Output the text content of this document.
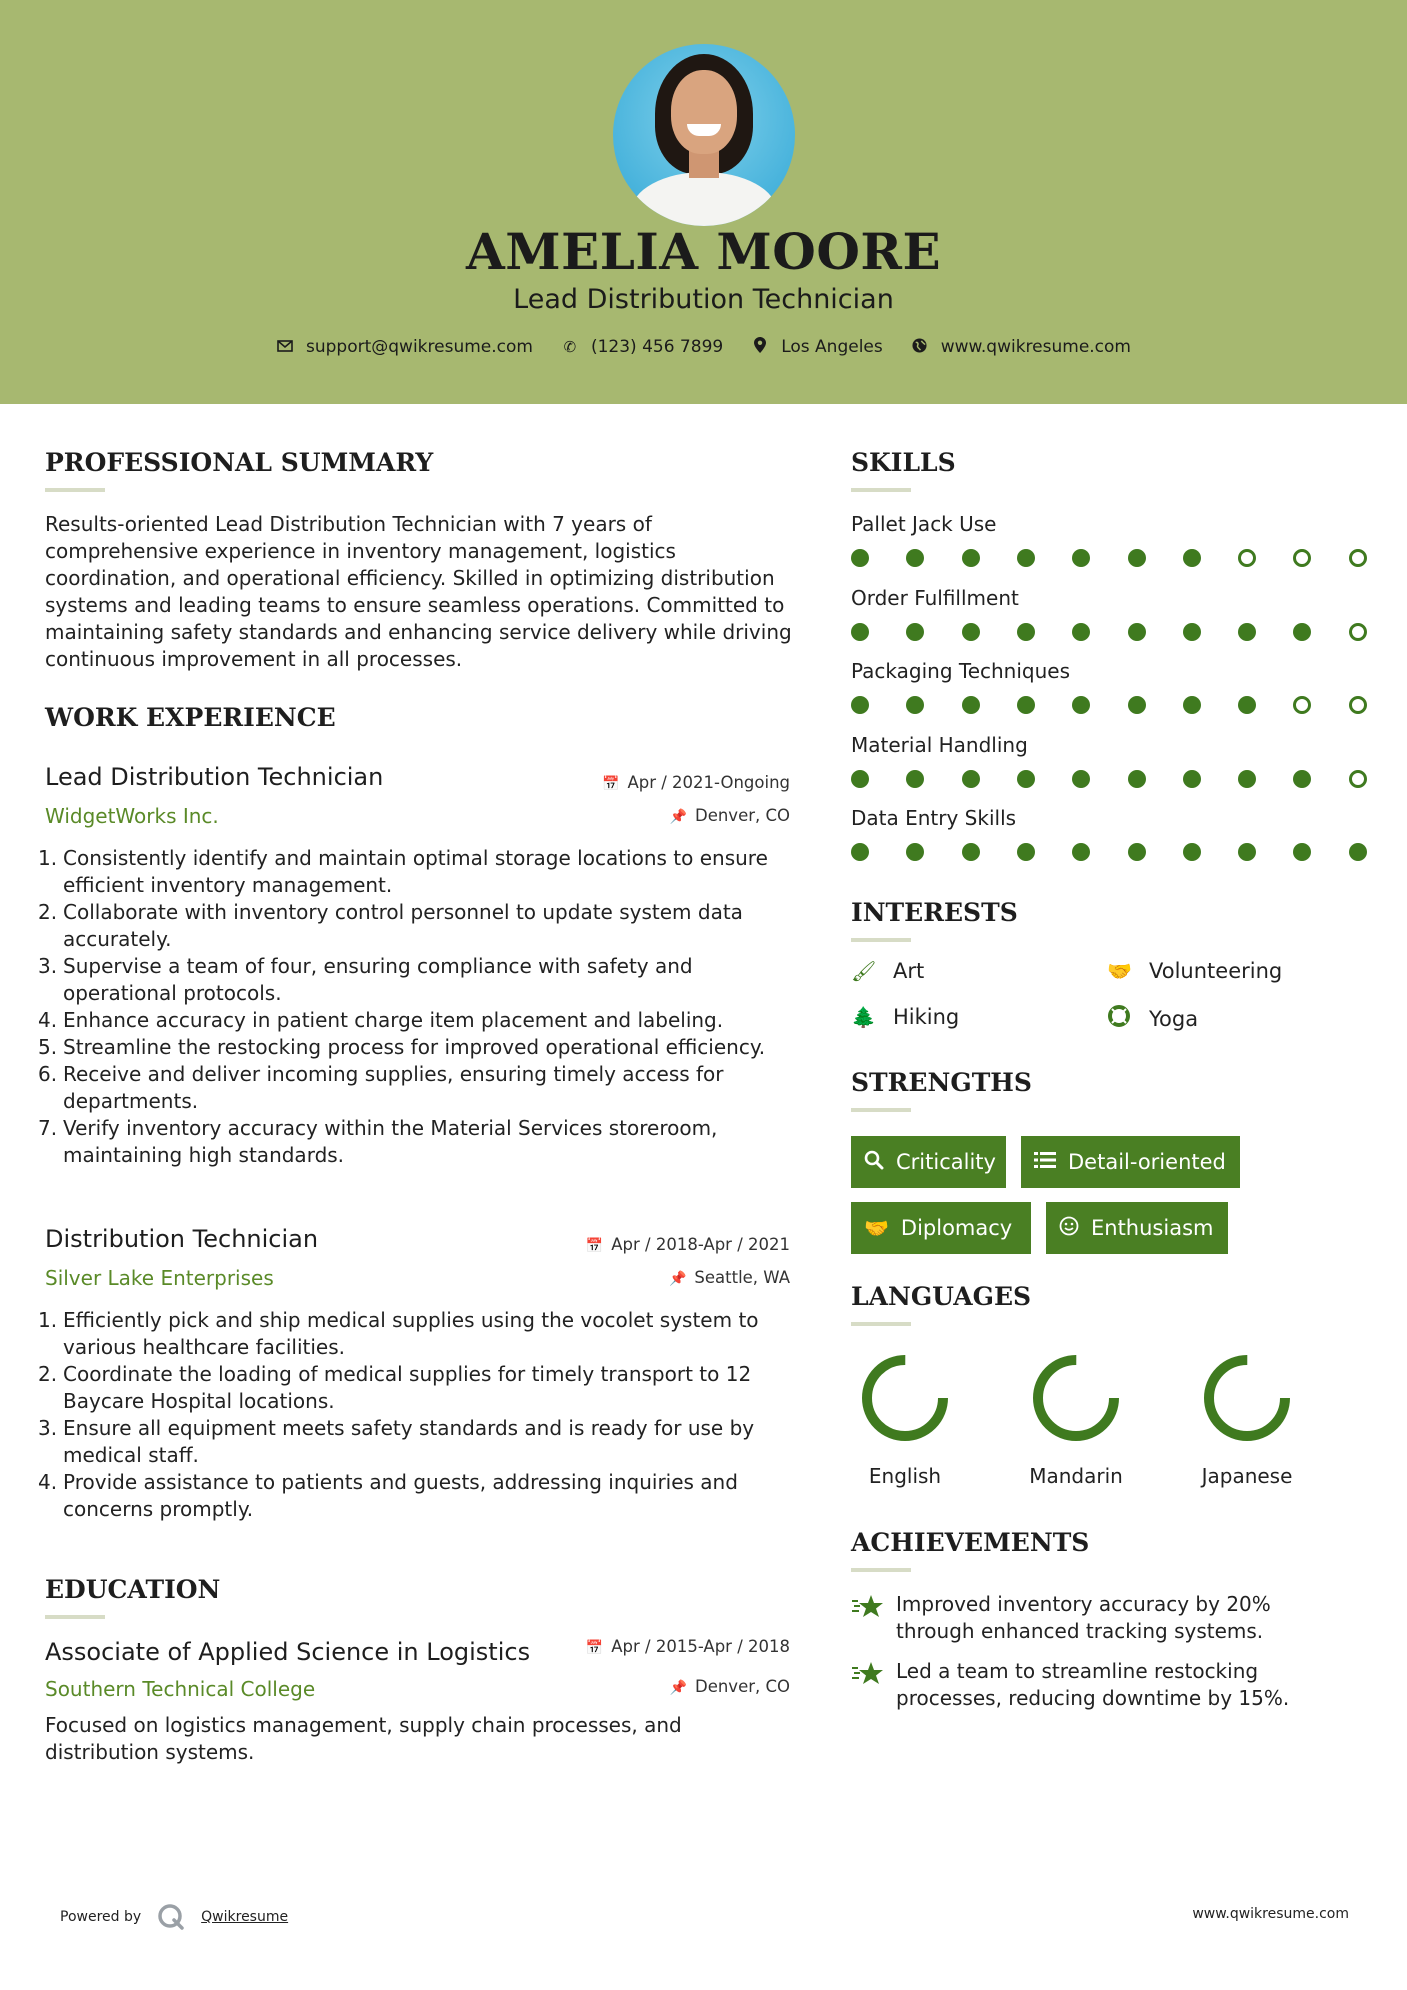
AMELIA MOORE
Lead Distribution Technician
support@qwikresume.com ✆ (123) 456 7899	Los Angeles	www.qwikresume.com
PROFESSIONAL SUMMARY
Results-oriented Lead Distribution Technician with 7 years of comprehensive experience in inventory management, logistics coordination, and operational efficiency. Skilled in optimizing distribution systems and leading teams to ensure seamless operations. Committed to maintaining safety standards and enhancing service delivery while driving continuous improvement in all processes.
WORK EXPERIENCE
Lead Distribution Technician	📅 Apr / 2021-Ongoing
WidgetWorks Inc.	📌 Denver, CO
1. Consistently identify and maintain optimal storage locations to ensure efficient inventory management.
2. Collaborate with inventory control personnel to update system data accurately.
3. Supervise a team of four, ensuring compliance with safety and operational protocols.
4. Enhance accuracy in patient charge item placement and labeling.
5. Streamline the restocking process for improved operational efficiency.
6. Receive and deliver incoming supplies, ensuring timely access for departments.
7. Verify inventory accuracy within the Material Services storeroom, maintaining high standards.
Distribution Technician	📅 Apr / 2018-Apr / 2021
Silver Lake Enterprises	📌 Seattle, WA
1. Efficiently pick and ship medical supplies using the vocolet system to various healthcare facilities.
2. Coordinate the loading of medical supplies for timely transport to 12 Baycare Hospital locations.
3. Ensure all equipment meets safety standards and is ready for use by medical staff.
4. Provide assistance to patients and guests, addressing inquiries and concerns promptly.
EDUCATION
Associate of Applied Science in Logistics	📅 Apr / 2015-Apr / 2018
Southern Technical College	📌 Denver, CO
Focused on logistics management, supply chain processes, and distribution systems.
SKILLS
Pallet Jack Use
Order Fulfillment
Packaging Techniques
Material Handling
Data Entry Skills
INTERESTS
🖌 Art	🤝 Volunteering
🌲 Hiking	Yoga
STRENGTHS
Criticality	Detail-oriented
🤝 Diplomacy	Enthusiasm
LANGUAGES
English	Mandarin	Japanese
ACHIEVEMENTS
Improved inventory accuracy by 20% through enhanced tracking systems.
Led a team to streamline restocking processes, reducing downtime by 15%.
Powered by	Qwikresume	www.qwikresume.com
